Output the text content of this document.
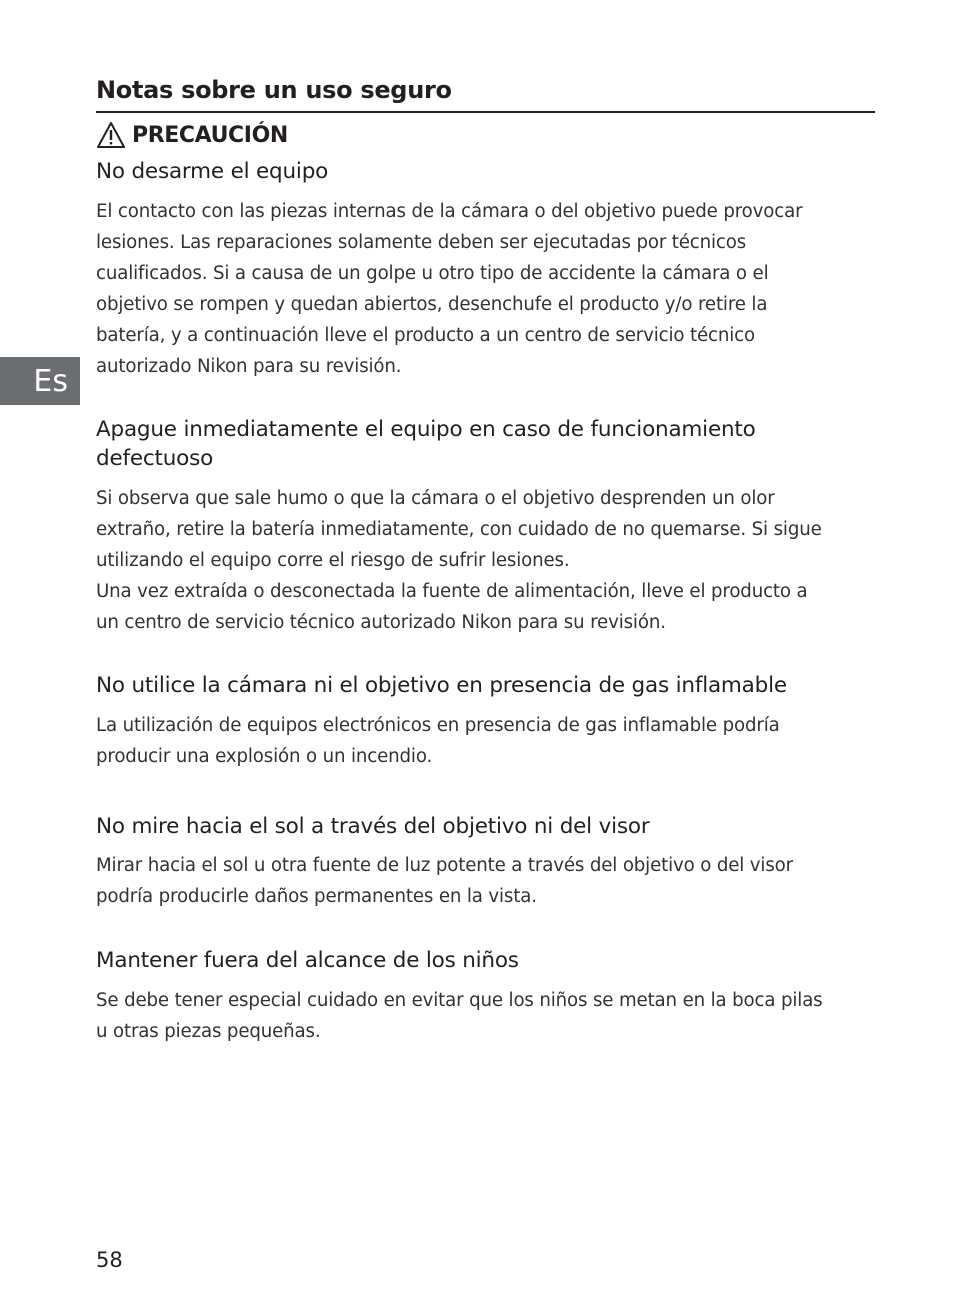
Notas sobre un uso seguro
PRECAUCIÓN
Es
No desarme el equipo
El contacto con las piezas internas de la cámara o del objetivo puede provocar
lesiones. Las reparaciones solamente deben ser ejecutadas por técnicos
cualificados. Si a causa de un golpe u otro tipo de accidente la cámara o el
objetivo se rompen y quedan abiertos, desenchufe el producto y/o retire la
batería, y a continuación lleve el producto a un centro de servicio técnico
autorizado Nikon para su revisión.
Apague inmediatamente el equipo en caso de funcionamiento
defectuoso
Si observa que sale humo o que la cámara o el objetivo desprenden un olor
extraño, retire la batería inmediatamente, con cuidado de no quemarse. Si sigue
utilizando el equipo corre el riesgo de sufrir lesiones.
Una vez extraída o desconectada la fuente de alimentación, lleve el producto a
un centro de servicio técnico autorizado Nikon para su revisión.
No utilice la cámara ni el objetivo en presencia de gas inflamable
La utilización de equipos electrónicos en presencia de gas inflamable podría
producir una explosión o un incendio.
No mire hacia el sol a través del objetivo ni del visor
Mirar hacia el sol u otra fuente de luz potente a través del objetivo o del visor
podría producirle daños permanentes en la vista.
Mantener fuera del alcance de los niños
Se debe tener especial cuidado en evitar que los niños se metan en la boca pilas
u otras piezas pequeñas.
58
